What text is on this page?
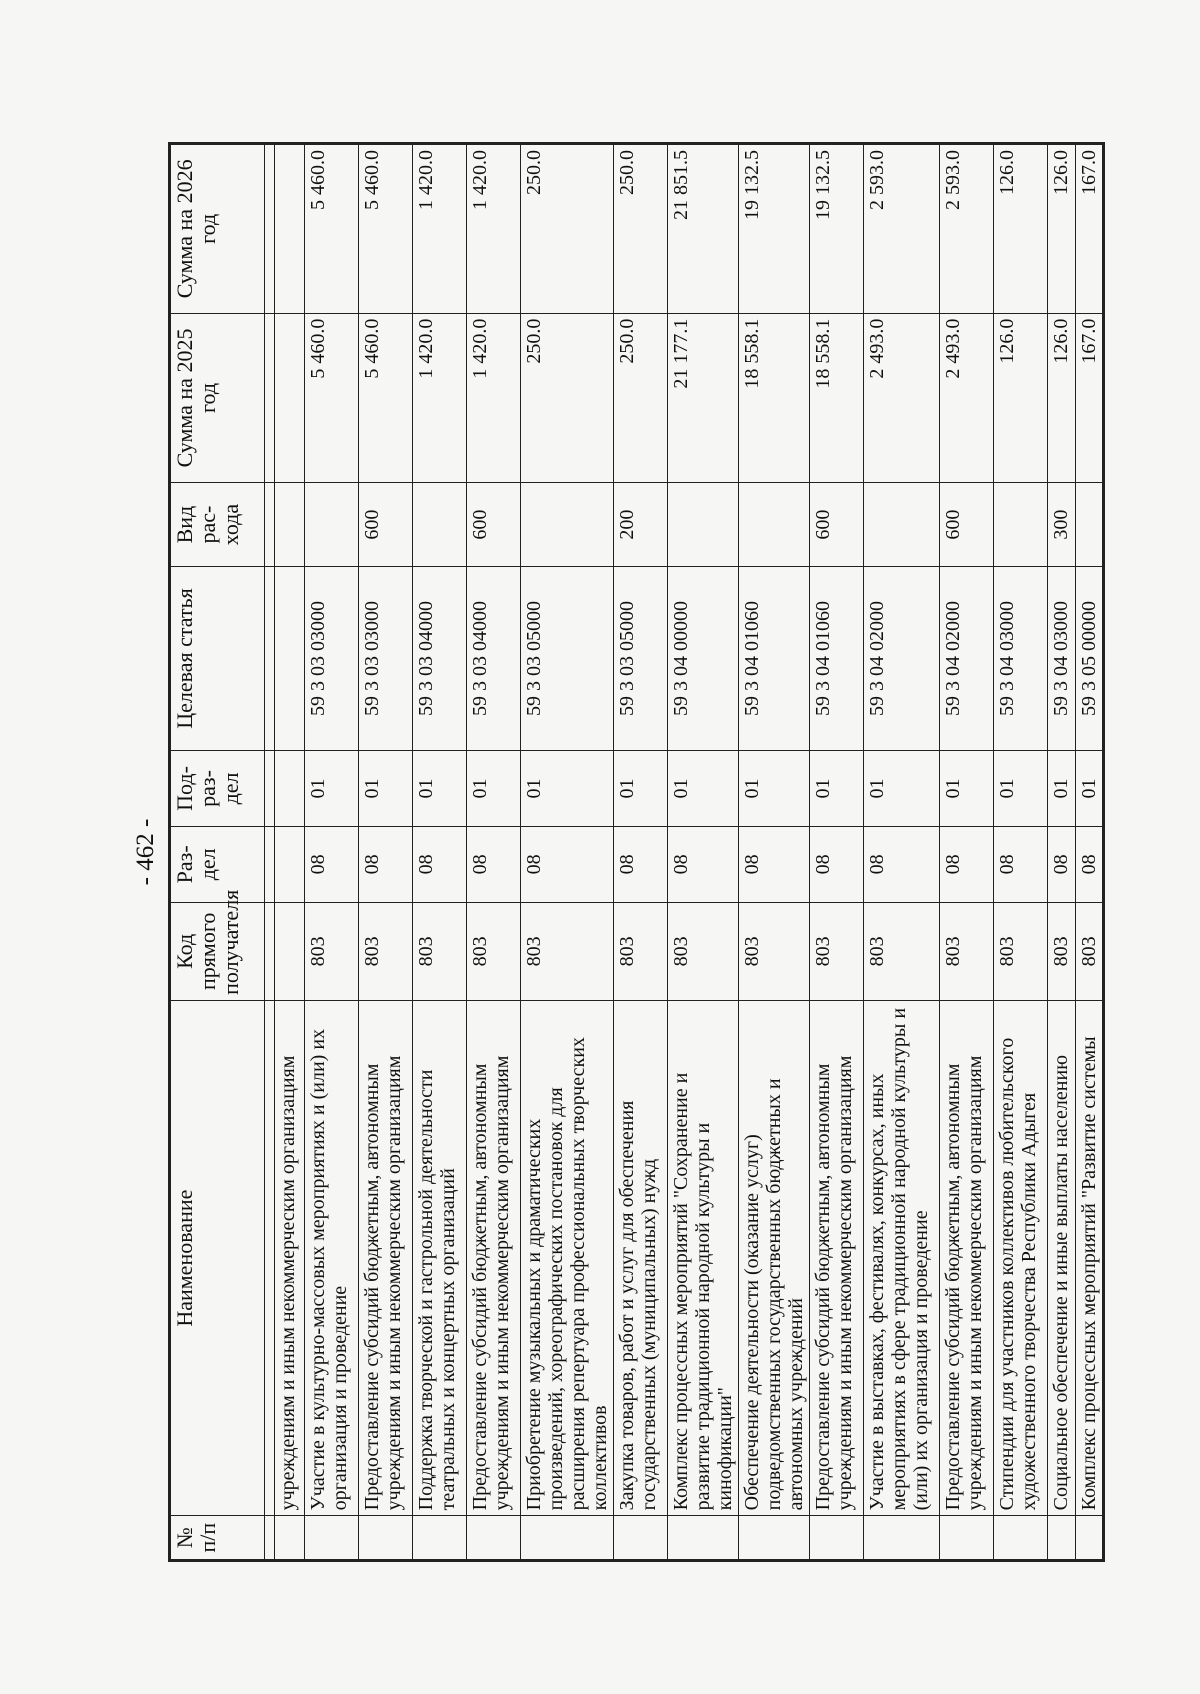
- 462 -
№ п/п	Наименование	Код прямого получателя	Раз- дел	Под- раз- дел	Целевая статья	Вид рас- хода	Сумма на 2025 год	Сумма на 2026 год

	учреждениям и иным некоммерческим организациям							
	Участие в культурно-массовых мероприятиях и (или) их организация и проведение	803	08	01	59 3 03 03000		5 460.0	5 460.0
	Предоставление субсидий бюджетным, автономным учреждениям и иным некоммерческим организациям	803	08	01	59 3 03 03000	600	5 460.0	5 460.0
	Поддержка творческой и гастрольной деятельности театральных и концертных организаций	803	08	01	59 3 03 04000		1 420.0	1 420.0
	Предоставление субсидий бюджетным, автономным учреждениям и иным некоммерческим организациям	803	08	01	59 3 03 04000	600	1 420.0	1 420.0
	Приобретение музыкальных и драматических произведений, хореографических постановок для расширения репертуара профессиональных творческих коллективов	803	08	01	59 3 03 05000		250.0	250.0
	Закупка товаров, работ и услуг для обеспечения государственных (муниципальных) нужд	803	08	01	59 3 03 05000	200	250.0	250.0
	Комплекс процессных мероприятий "Сохранение и развитие традиционной народной культуры и кинофикации"	803	08	01	59 3 04 00000		21 177.1	21 851.5
	Обеспечение деятельности (оказание услуг) подведомственных государственных бюджетных и автономных учреждений	803	08	01	59 3 04 01060		18 558.1	19 132.5
	Предоставление субсидий бюджетным, автономным учреждениям и иным некоммерческим организациям	803	08	01	59 3 04 01060	600	18 558.1	19 132.5
	Участие в выставках, фестивалях, конкурсах, иных мероприятиях в сфере традиционной народной культуры и (или) их организация и проведение	803	08	01	59 3 04 02000		2 493.0	2 593.0
	Предоставление субсидий бюджетным, автономным учреждениям и иным некоммерческим организациям	803	08	01	59 3 04 02000	600	2 493.0	2 593.0
	Стипендии для участников коллективов любительского художественного творчества Республики Адыгея	803	08	01	59 3 04 03000		126.0	126.0
	Социальное обеспечение и иные выплаты населению	803	08	01	59 3 04 03000	300	126.0	126.0
	Комплекс процессных мероприятий "Развитие системы	803	08	01	59 3 05 00000		167.0	167.0
